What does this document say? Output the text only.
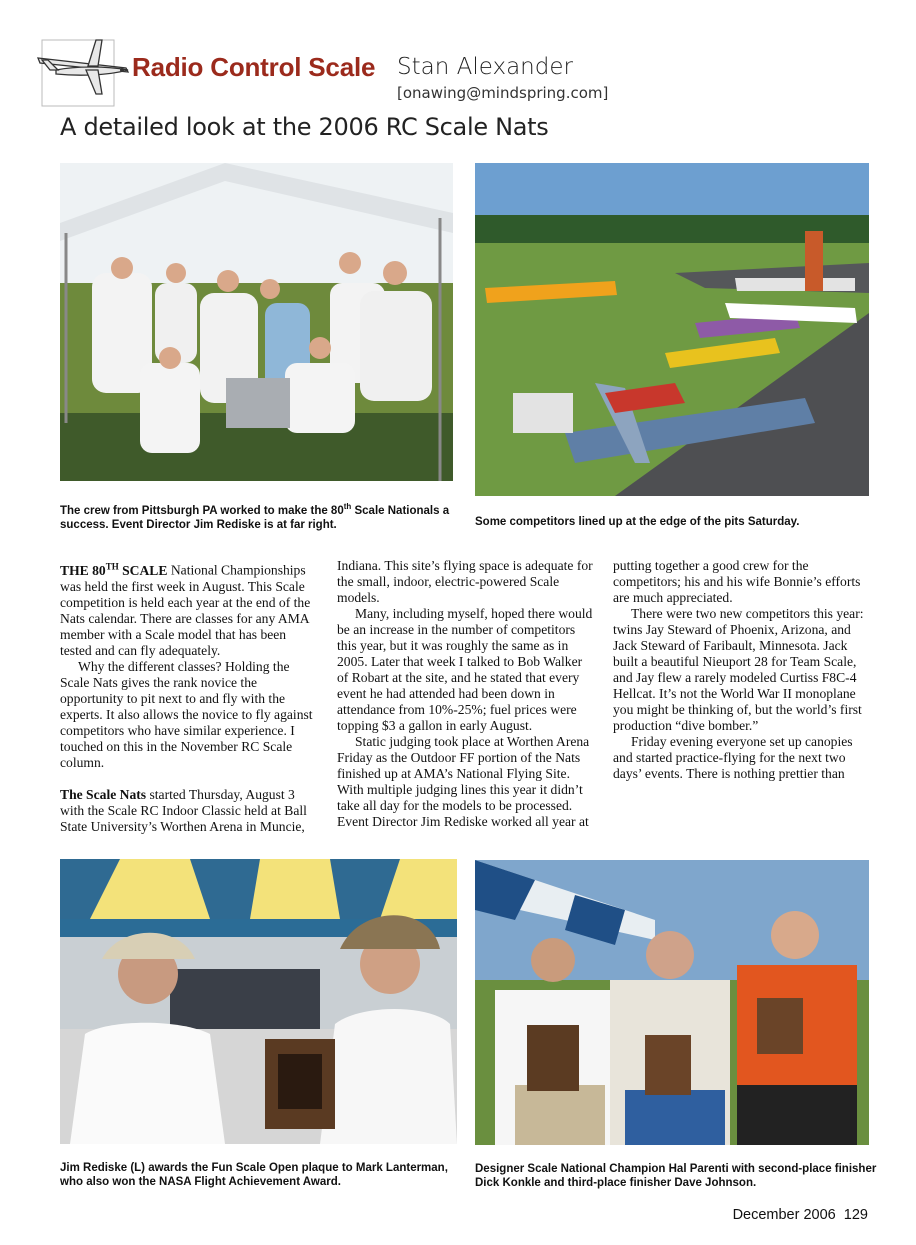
Radio Control Scale Stan Alexander
[onawing@mindspring.com]
A detailed look at the 2006 RC Scale Nats
The crew from Pittsburgh PA worked to make the 80th Scale Nationals a success. Event Director Jim Rediske is at far right.	Some competitors lined up at the edge of the pits Saturday.

THE 80TH SCALE National Championships was held the first week in August. This Scale competition is held each year at the end of the Nats calendar. There are classes for any AMA member with a Scale model that has been tested and can fly adequately.

Why the different classes? Holding the Scale Nats gives the rank novice the opportunity to pit next to and fly with the experts. It also allows the novice to fly against competitors who have similar experience. I touched on this in the November RC Scale column.

The Scale Nats started Thursday, August 3 with the Scale RC Indoor Classic held at Ball State University’s Worthen Arena in Muncie,

Indiana. This site’s flying space is adequate for the small, indoor, electric-powered Scale models.

Many, including myself, hoped there would be an increase in the number of competitors this year, but it was roughly the same as in 2005. Later that week I talked to Bob Walker of Robart at the site, and he stated that every event he had attended had been down in attendance from 10%-25%; fuel prices were topping $3 a gallon in early August.

Static judging took place at Worthen Arena Friday as the Outdoor FF portion of the Nats finished up at AMA’s National Flying Site. With multiple judging lines this year it didn’t take all day for the models to be processed. Event Director Jim Rediske worked all year at

putting together a good crew for the competitors; his and his wife Bonnie’s efforts are much appreciated.

There were two new competitors this year: twins Jay Steward of Phoenix, Arizona, and Jack Steward of Faribault, Minnesota. Jack built a beautiful Nieuport 28 for Team Scale, and Jay flew a rarely modeled Curtiss F8C-4 Hellcat. It’s not the World War II monoplane you might be thinking of, but the world’s first production “dive bomber.”

Friday evening everyone set up canopies and started practice-flying for the next two days’ events. There is nothing prettier than

Jim Rediske (L) awards the Fun Scale Open plaque to Mark Lanterman, who also won the NASA Flight Achievement Award.
Designer Scale National Champion Hal Parenti with second-place finisher Dick Konkle and third-place finisher Dave Johnson.
December 2006 129
